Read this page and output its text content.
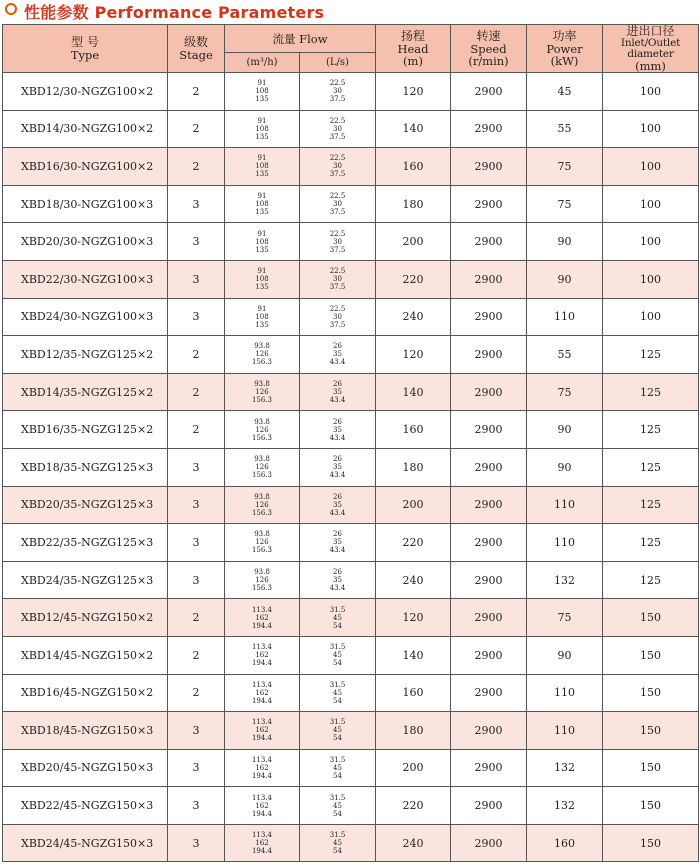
性能参数 Performance Parameters
型 号
Type	级数
Stage	流量 Flow		扬程
Head
(m)	转速
Speed
(r/min)	功率
Power
(kW)	进出口径
Inlet/Outlet diameter
(mm)

		(m³/h)	(L/s)				
XBD12/30-NGZG100×2	2	91
108
135	22.5
30
37.5	120	2900	45	100
XBD14/30-NGZG100×2	2	91
108
135	22.5
30
37.5	140	2900	55	100
XBD16/30-NGZG100×2	2	91
108
135	22.5
30
37.5	160	2900	75	100
XBD18/30-NGZG100×3	3	91
108
135	22.5
30
37.5	180	2900	75	100
XBD20/30-NGZG100×3	3	91
108
135	22.5
30
37.5	200	2900	90	100
XBD22/30-NGZG100×3	3	91
108
135	22.5
30
37.5	220	2900	90	100
XBD24/30-NGZG100×3	3	91
108
135	22.5
30
37.5	240	2900	110	100
XBD12/35-NGZG125×2	2	93.8
126
156.3	26
35
43.4	120	2900	55	125
XBD14/35-NGZG125×2	2	93.8
126
156.3	26
35
43.4	140	2900	75	125
XBD16/35-NGZG125×2	2	93.8
126
156.3	26
35
43.4	160	2900	90	125
XBD18/35-NGZG125×3	3	93.8
126
156.3	26
35
43.4	180	2900	90	125
XBD20/35-NGZG125×3	3	93.8
126
156.3	26
35
43.4	200	2900	110	125
XBD22/35-NGZG125×3	3	93.8
126
156.3	26
35
43.4	220	2900	110	125
XBD24/35-NGZG125×3	3	93.8
126
156.3	26
35
43.4	240	2900	132	125
XBD12/45-NGZG150×2	2	113.4
162
194.4	31.5
45
54	120	2900	75	150
XBD14/45-NGZG150×2	2	113.4
162
194.4	31.5
45
54	140	2900	90	150
XBD16/45-NGZG150×2	2	113.4
162
194.4	31.5
45
54	160	2900	110	150
XBD18/45-NGZG150×3	3	113.4
162
194.4	31.5
45
54	180	2900	110	150
XBD20/45-NGZG150×3	3	113.4
162
194.4	31.5
45
54	200	2900	132	150
XBD22/45-NGZG150×3	3	113.4
162
194.4	31.5
45
54	220	2900	132	150
XBD24/45-NGZG150×3	3	113.4
162
194.4	31.5
45
54	240	2900	160	150
